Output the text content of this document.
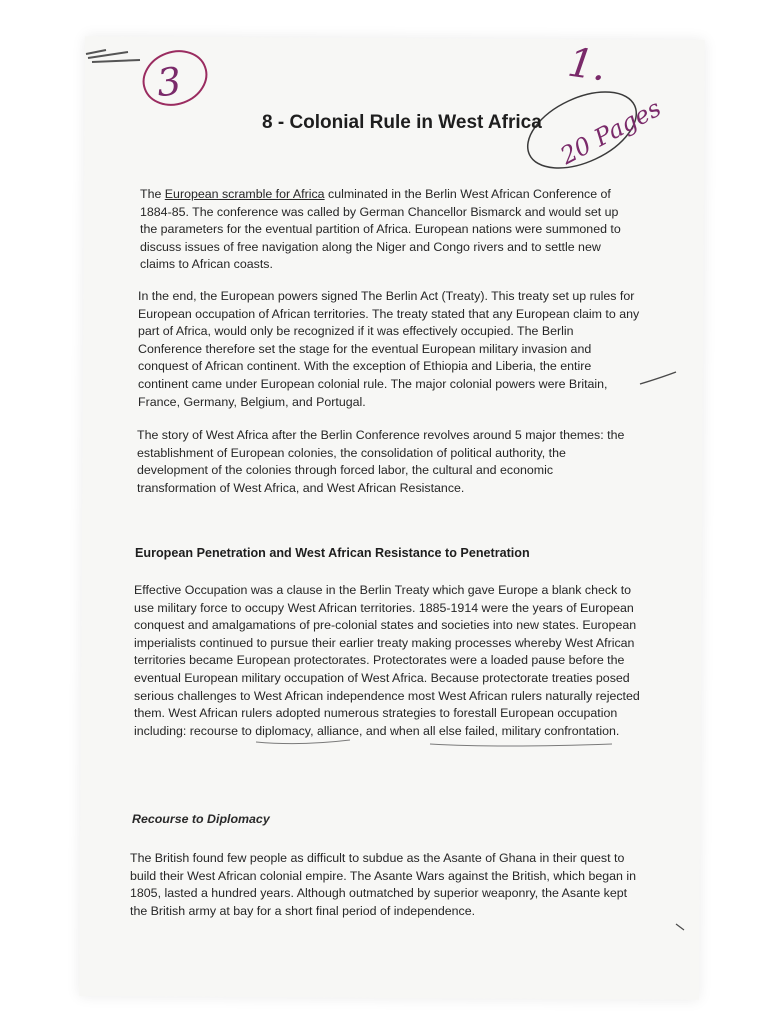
1.
3
20 Pages
8 - Colonial Rule in West Africa

The European scramble for Africa culminated in the Berlin West African Conference of 1884-85. The conference was called by German Chancellor Bismarck and would set up the parameters for the eventual partition of Africa. European nations were summoned to discuss issues of free navigation along the Niger and Congo rivers and to settle new claims to African coasts.

In the end, the European powers signed The Berlin Act (Treaty). This treaty set up rules for European occupation of African territories. The treaty stated that any European claim to any part of Africa, would only be recognized if it was effectively occupied. The Berlin Conference therefore set the stage for the eventual European military invasion and conquest of African continent. With the exception of Ethiopia and Liberia, the entire continent came under European colonial rule. The major colonial powers were Britain, France, Germany, Belgium, and Portugal.

The story of West Africa after the Berlin Conference revolves around 5 major themes: the establishment of European colonies, the consolidation of political authority, the development of the colonies through forced labor, the cultural and economic transformation of West Africa, and West African Resistance.

European Penetration and West African Resistance to Penetration

Effective Occupation was a clause in the Berlin Treaty which gave Europe a blank check to use military force to occupy West African territories. 1885-1914 were the years of European conquest and amalgamations of pre-colonial states and societies into new states. European imperialists continued to pursue their earlier treaty making processes whereby West African territories became European protectorates. Protectorates were a loaded pause before the eventual European military occupation of West Africa. Because protectorate treaties posed serious challenges to West African independence most West African rulers naturally rejected them. West African rulers adopted numerous strategies to forestall European occupation including: recourse to diplomacy, alliance, and when all else failed, military confrontation.

Recourse to Diplomacy

The British found few people as difficult to subdue as the Asante of Ghana in their quest to build their West African colonial empire. The Asante Wars against the British, which began in 1805, lasted a hundred years. Although outmatched by superior weaponry, the Asante kept the British army at bay for a short final period of independence.
